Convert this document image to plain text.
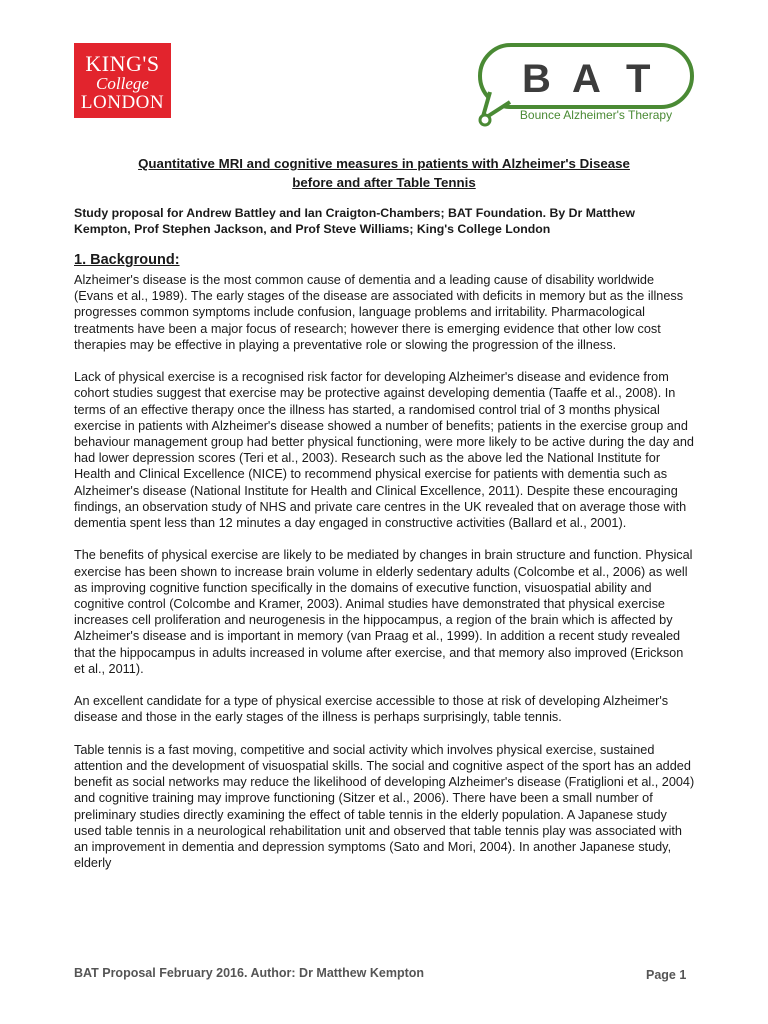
KING'S
College
LONDON
B A T
Bounce Alzheimer's Therapy
Quantitative MRI and cognitive measures in patients with Alzheimer's Disease
before and after Table Tennis
Study proposal for Andrew Battley and Ian Craigton-Chambers; BAT Foundation. By Dr Matthew Kempton, Prof Stephen Jackson, and Prof Steve Williams; King's College London
1. Background:

Alzheimer's disease is the most common cause of dementia and a leading cause of disability worldwide (Evans et al., 1989). The early stages of the disease are associated with deficits in memory but as the illness progresses common symptoms include confusion, language problems and irritability. Pharmacological treatments have been a major focus of research; however there is emerging evidence that other low cost therapies may be effective in playing a preventative role or slowing the progression of the illness.

Lack of physical exercise is a recognised risk factor for developing Alzheimer's disease and evidence from cohort studies suggest that exercise may be protective against developing dementia (Taaffe et al., 2008). In terms of an effective therapy once the illness has started, a randomised control trial of 3 months physical exercise in patients with Alzheimer's disease showed a number of benefits; patients in the exercise group and behaviour management group had better physical functioning, were more likely to be active during the day and had lower depression scores (Teri et al., 2003). Research such as the above led the National Institute for Health and Clinical Excellence (NICE) to recommend physical exercise for patients with dementia such as Alzheimer's disease (National Institute for Health and Clinical Excellence, 2011). Despite these encouraging findings, an observation study of NHS and private care centres in the UK revealed that on average those with dementia spent less than 12 minutes a day engaged in constructive activities (Ballard et al., 2001).

The benefits of physical exercise are likely to be mediated by changes in brain structure and function. Physical exercise has been shown to increase brain volume in elderly sedentary adults (Colcombe et al., 2006) as well as improving cognitive function specifically in the domains of executive function, visuospatial ability and cognitive control (Colcombe and Kramer, 2003). Animal studies have demonstrated that physical exercise increases cell proliferation and neurogenesis in the hippocampus, a region of the brain which is affected by Alzheimer's disease and is important in memory (van Praag et al., 1999). In addition a recent study revealed that the hippocampus in adults increased in volume after exercise, and that memory also improved (Erickson et al., 2011).

An excellent candidate for a type of physical exercise accessible to those at risk of developing Alzheimer's disease and those in the early stages of the illness is perhaps surprisingly, table tennis.

Table tennis is a fast moving, competitive and social activity which involves physical exercise, sustained attention and the development of visuospatial skills. The social and cognitive aspect of the sport has an added benefit as social networks may reduce the likelihood of developing Alzheimer's disease (Fratiglioni et al., 2004) and cognitive training may improve functioning (Sitzer et al., 2006). There have been a small number of preliminary studies directly examining the effect of table tennis in the elderly population. A Japanese study used table tennis in a neurological rehabilitation unit and observed that table tennis play was associated with an improvement in dementia and depression symptoms (Sato and Mori, 2004). In another Japanese study, elderly

BAT Proposal February 2016. Author: Dr Matthew Kempton	Page 1
